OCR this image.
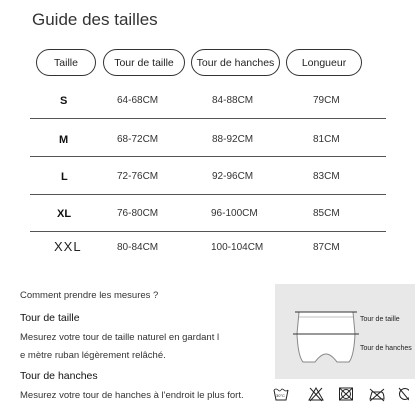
Guide des tailles
Taille	Tour de taille	Tour de hanches	Longueur
S	64-68CM	84-88CM	79CM
M	68-72CM	88-92CM	81CM
L	72-76CM	92-96CM	83CM
XL	76-80CM	96-100CM	85CM
XXL	80-84CM	100-104CM	87CM
Comment prendre les mesures ?
Tour de taille
Mesurez votre tour de taille naturel en gardant l
e mètre ruban légèrement relâché.
Tour de hanches
Mesurez votre tour de hanches à l'endroit le plus fort.
Tour de taille
Tour de hanches
30°C
